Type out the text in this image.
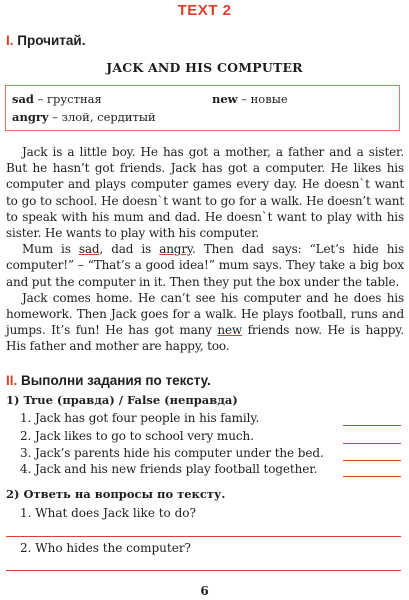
TEXT 2
I. Прочитай.
JACK AND HIS COMPUTER
sad – грустная	new – новые
angry – злой, сердитый

Jack is a little boy. He has got a mother, a father and a sister. But he hasn’t got friends. Jack has got a computer. He likes his computer and plays computer games every day. He doesn`t want to go to school. He doesn`t want to go for a walk. He doesn’t want to speak with his mum and dad. He doesn`t want to play with his sister. He wants to play with his computer.

Mum is sad, dad is angry. Then dad says: “Let’s hide his computer!” – “That’s a good idea!” mum says. They take a big box and put the computer in it. Then they put the box under the table.

Jack comes home. He can’t see his computer and he does his homework. Then Jack goes for a walk. He plays football, runs and jumps. It’s fun! He has got many new friends now. He is happy. His father and mother are happy, too.

II. Выполни задания по тексту.
1) True (правда) / False (неправда)
1. Jack has got four people in his family.
2. Jack likes to go to school very much.
3. Jack’s parents hide his computer under the bed.
4. Jack and his new friends play football together.
2) Ответь на вопросы по тексту.
1. What does Jack like to do?
2. Who hides the computer?
6
